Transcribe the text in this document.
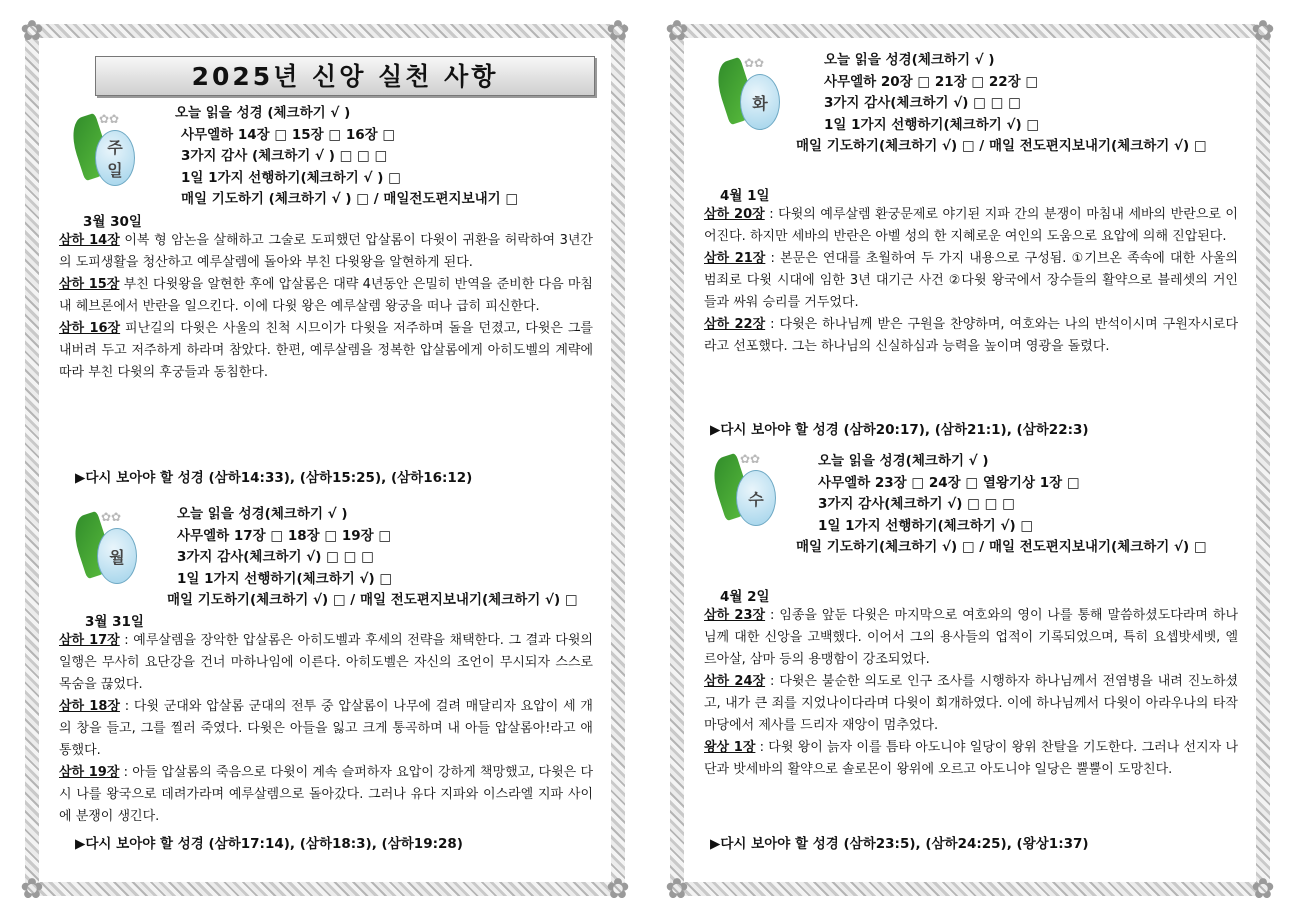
✿	✿
✿	✿
2025년 신앙 실천 사항
✿✿
주
일
오늘 읽을 성경 (체크하기 √ )
사무엘하 14장 □ 15장 □ 16장 □
3가지 감사 (체크하기 √ ) □ □ □
1일 1가지 선행하기(체크하기 √ ) □
매일 기도하기 (체크하기 √ ) □ / 매일전도편지보내기 □
3월 30일

삼하 14장 이복 형 암논을 살해하고 그술로 도피했던 압살롬이 다윗이 귀환을 허락하여 3년간의 도피생활을 청산하고 예루살렘에 돌아와 부친 다윗왕을 알현하게 된다.

삼하 15장 부친 다윗왕을 알현한 후에 압살롬은 대략 4년동안 은밀히 반역을 준비한 다음 마침내 헤브론에서 반란을 일으킨다. 이에 다윗 왕은 예루살렘 왕궁을 떠나 급히 피신한다.

삼하 16장 피난길의 다윗은 사울의 친척 시므이가 다윗을 저주하며 돌을 던졌고, 다윗은 그를 내버려 두고 저주하게 하라며 참았다. 한편, 예루살렘을 정복한 압살롬에게 아히도벨의 계략에 따라 부친 다윗의 후궁들과 동침한다.

▶다시 보아야 할 성경 (삼하14:33), (삼하15:25), (삼하16:12)
✿✿
월
오늘 읽을 성경(체크하기 √ )
사무엘하 17장 □ 18장 □ 19장 □
3가지 감사(체크하기 √) □ □ □
1일 1가지 선행하기(체크하기 √) □
매일 기도하기(체크하기 √) □ / 매일 전도편지보내기(체크하기 √) □
3월 31일

삼하 17장 : 예루살렘을 장악한 압살롬은 아히도벨과 후세의 전략을 채택한다. 그 결과 다윗의 일행은 무사히 요단강을 건너 마하나임에 이른다. 아히도벨은 자신의 조언이 무시되자 스스로 목숨을 끊었다.

삼하 18장 : 다윗 군대와 압살롬 군대의 전투 중 압살롬이 나무에 걸려 매달리자 요압이 세 개의 창을 들고, 그를 찔러 죽였다. 다윗은 아들을 잃고 크게 통곡하며 내 아들 압살롬아!라고 애통했다.

삼하 19장 : 아들 압살롬의 죽음으로 다윗이 계속 슬퍼하자 요압이 강하게 책망했고, 다윗은 다시 나를 왕국으로 데려가라며 예루살렘으로 돌아갔다. 그러나 유다 지파와 이스라엘 지파 사이에 분쟁이 생긴다.

▶다시 보아야 할 성경 (삼하17:14), (삼하18:3), (삼하19:28)
✿	✿
✿	✿
✿✿
화
오늘 읽을 성경(체크하기 √ )
사무엘하 20장 □ 21장 □ 22장 □
3가지 감사(체크하기 √) □ □ □
1일 1가지 선행하기(체크하기 √) □
매일 기도하기(체크하기 √) □ / 매일 전도편지보내기(체크하기 √) □
4월 1일

삼하 20장 : 다윗의 예루살렘 환궁문제로 야기된 지파 간의 분쟁이 마침내 세바의 반란으로 이어진다. 하지만 세바의 반란은 아벨 성의 한 지혜로운 여인의 도움으로 요압에 의해 진압된다.

삼하 21장 : 본문은 연대를 초월하여 두 가지 내용으로 구성됨. ①기브온 족속에 대한 사울의 범죄로 다윗 시대에 임한 3년 대기근 사건 ②다윗 왕국에서 장수들의 활약으로 블레셋의 거인들과 싸워 승리를 거두었다.

삼하 22장 : 다윗은 하나님께 받은 구원을 찬양하며, 여호와는 나의 반석이시며 구원자시로다라고 선포했다. 그는 하나님의 신실하심과 능력을 높이며 영광을 돌렸다.

▶다시 보아야 할 성경 (삼하20:17), (삼하21:1), (삼하22:3)
✿✿
수
오늘 읽을 성경(체크하기 √ )
사무엘하 23장 □ 24장 □ 열왕기상 1장 □
3가지 감사(체크하기 √) □ □ □
1일 1가지 선행하기(체크하기 √) □
매일 기도하기(체크하기 √) □ / 매일 전도편지보내기(체크하기 √) □
4월 2일

삼하 23장 : 임종을 앞둔 다윗은 마지막으로 여호와의 영이 나를 통해 말씀하셨도다라며 하나님께 대한 신앙을 고백했다. 이어서 그의 용사들의 업적이 기록되었으며, 특히 요셉밧세벳, 엘르아살, 삼마 등의 용맹함이 강조되었다.

삼하 24장 : 다윗은 불순한 의도로 인구 조사를 시행하자 하나님께서 전염병을 내려 진노하셨고, 내가 큰 죄를 지었나이다라며 다윗이 회개하였다. 이에 하나님께서 다윗이 아라우나의 타작마당에서 제사를 드리자 재앙이 멈추었다.

왕상 1장 : 다윗 왕이 늙자 이를 틈타 아도니야 일당이 왕위 찬탈을 기도한다. 그러나 선지자 나단과 밧세바의 활약으로 솔로몬이 왕위에 오르고 아도니야 일당은 뿔뿔이 도망친다.

▶다시 보아야 할 성경 (삼하23:5), (삼하24:25), (왕상1:37)
